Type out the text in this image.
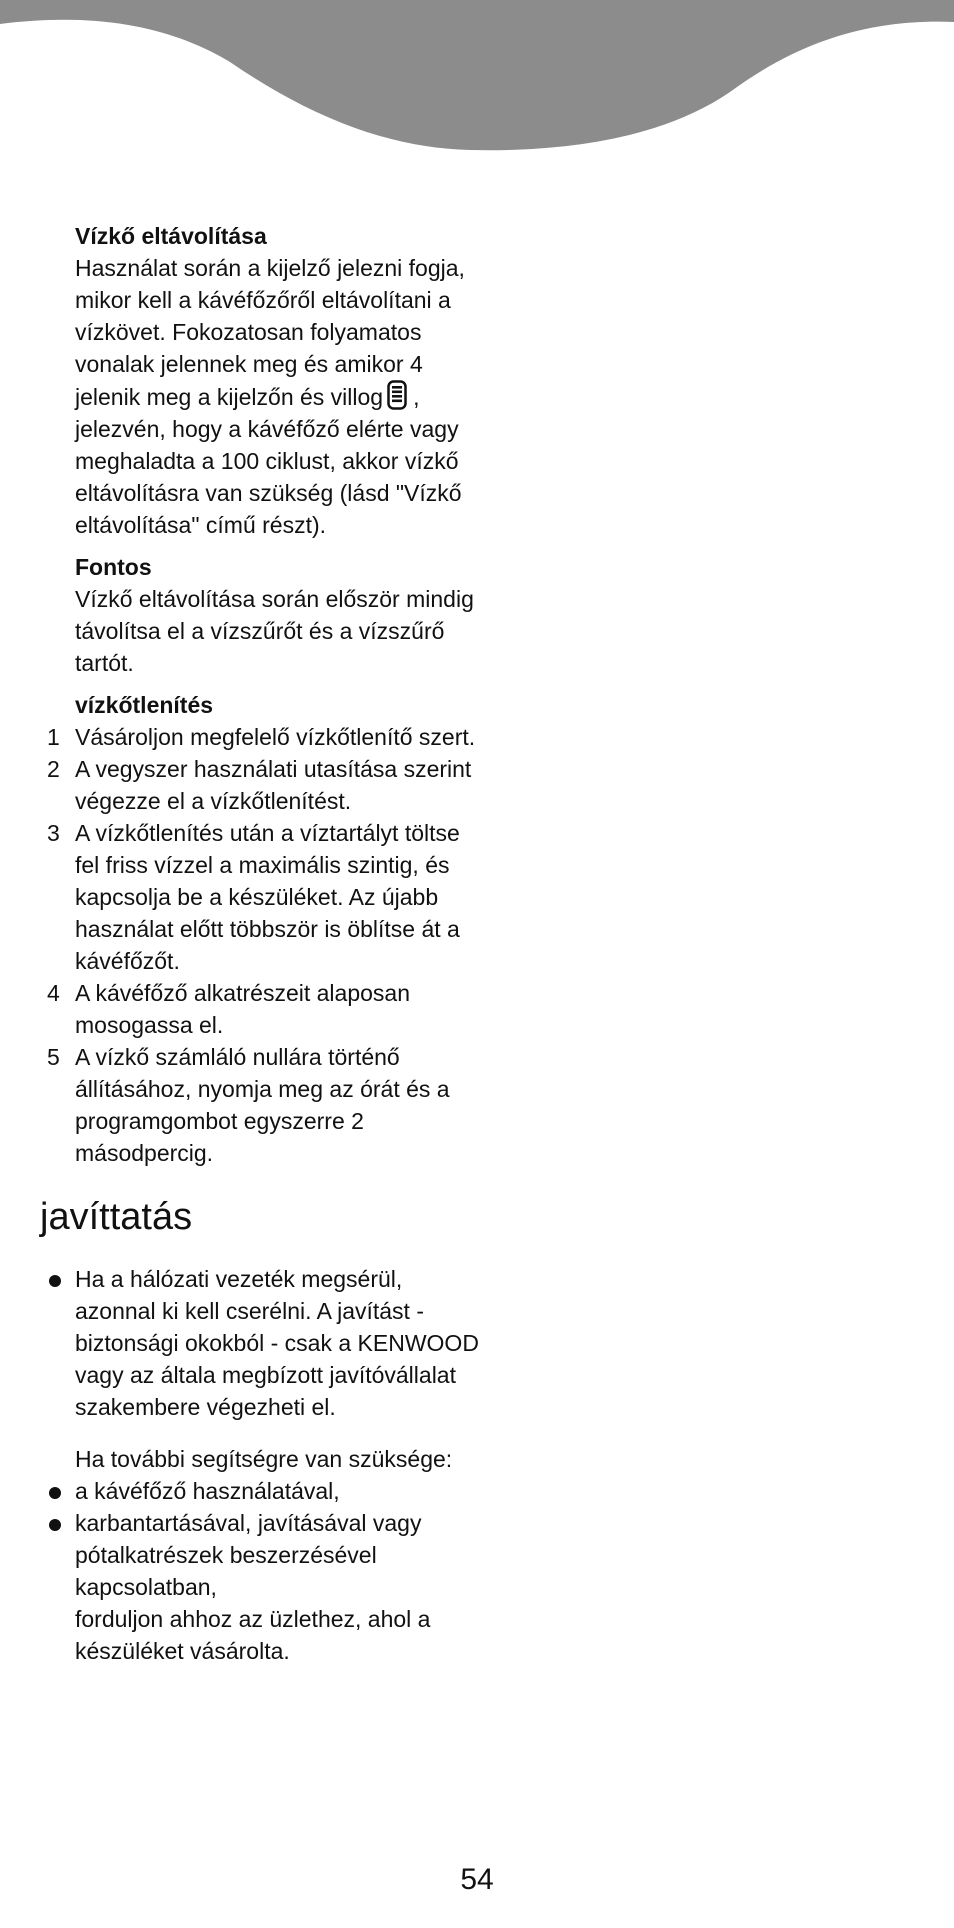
Vízkő eltávolítása
Használat során a kijelző jelezni fogja, mikor kell a kávéfőzőről eltávolítani a vízkövet. Fokozatosan folyamatos vonalak jelennek meg és amikor 4 jelenik meg a kijelzőn és villog , jelezvén, hogy a kávéfőző elérte vagy meghaladta a 100 ciklust, akkor vízkő eltávolításra van szükség (lásd "Vízkő eltávolítása" című részt).
Fontos
Vízkő eltávolítása során először mindig távolítsa el a vízszűrőt és a vízszűrő tartót.
vízkőtlenítés
1 Vásároljon megfelelő vízkőtlenítő szert.
2 A vegyszer használati utasítása szerint végezze el a vízkőtlenítést.
3 A vízkőtlenítés után a víztartályt töltse fel friss vízzel a maximális szintig, és kapcsolja be a készüléket. Az újabb használat előtt többször is öblítse át a kávéfőzőt.
4 A kávéfőző alkatrészeit alaposan mosogassa el.
5 A vízkő számláló nullára történő állításához, nyomja meg az órát és a programgombot egyszerre 2 másodpercig.
javíttatás
Ha a hálózati vezeték megsérül, azonnal ki kell cserélni. A javítást - biztonsági okokból - csak a KENWOOD vagy az általa megbízott javítóvállalat szakembere végezheti el.
Ha további segítségre van szüksége:
a kávéfőző használatával,
karbantartásával, javításával vagy pótalkatrészek beszerzésével kapcsolatban,
forduljon ahhoz az üzlethez, ahol a készüléket vásárolta.
54
